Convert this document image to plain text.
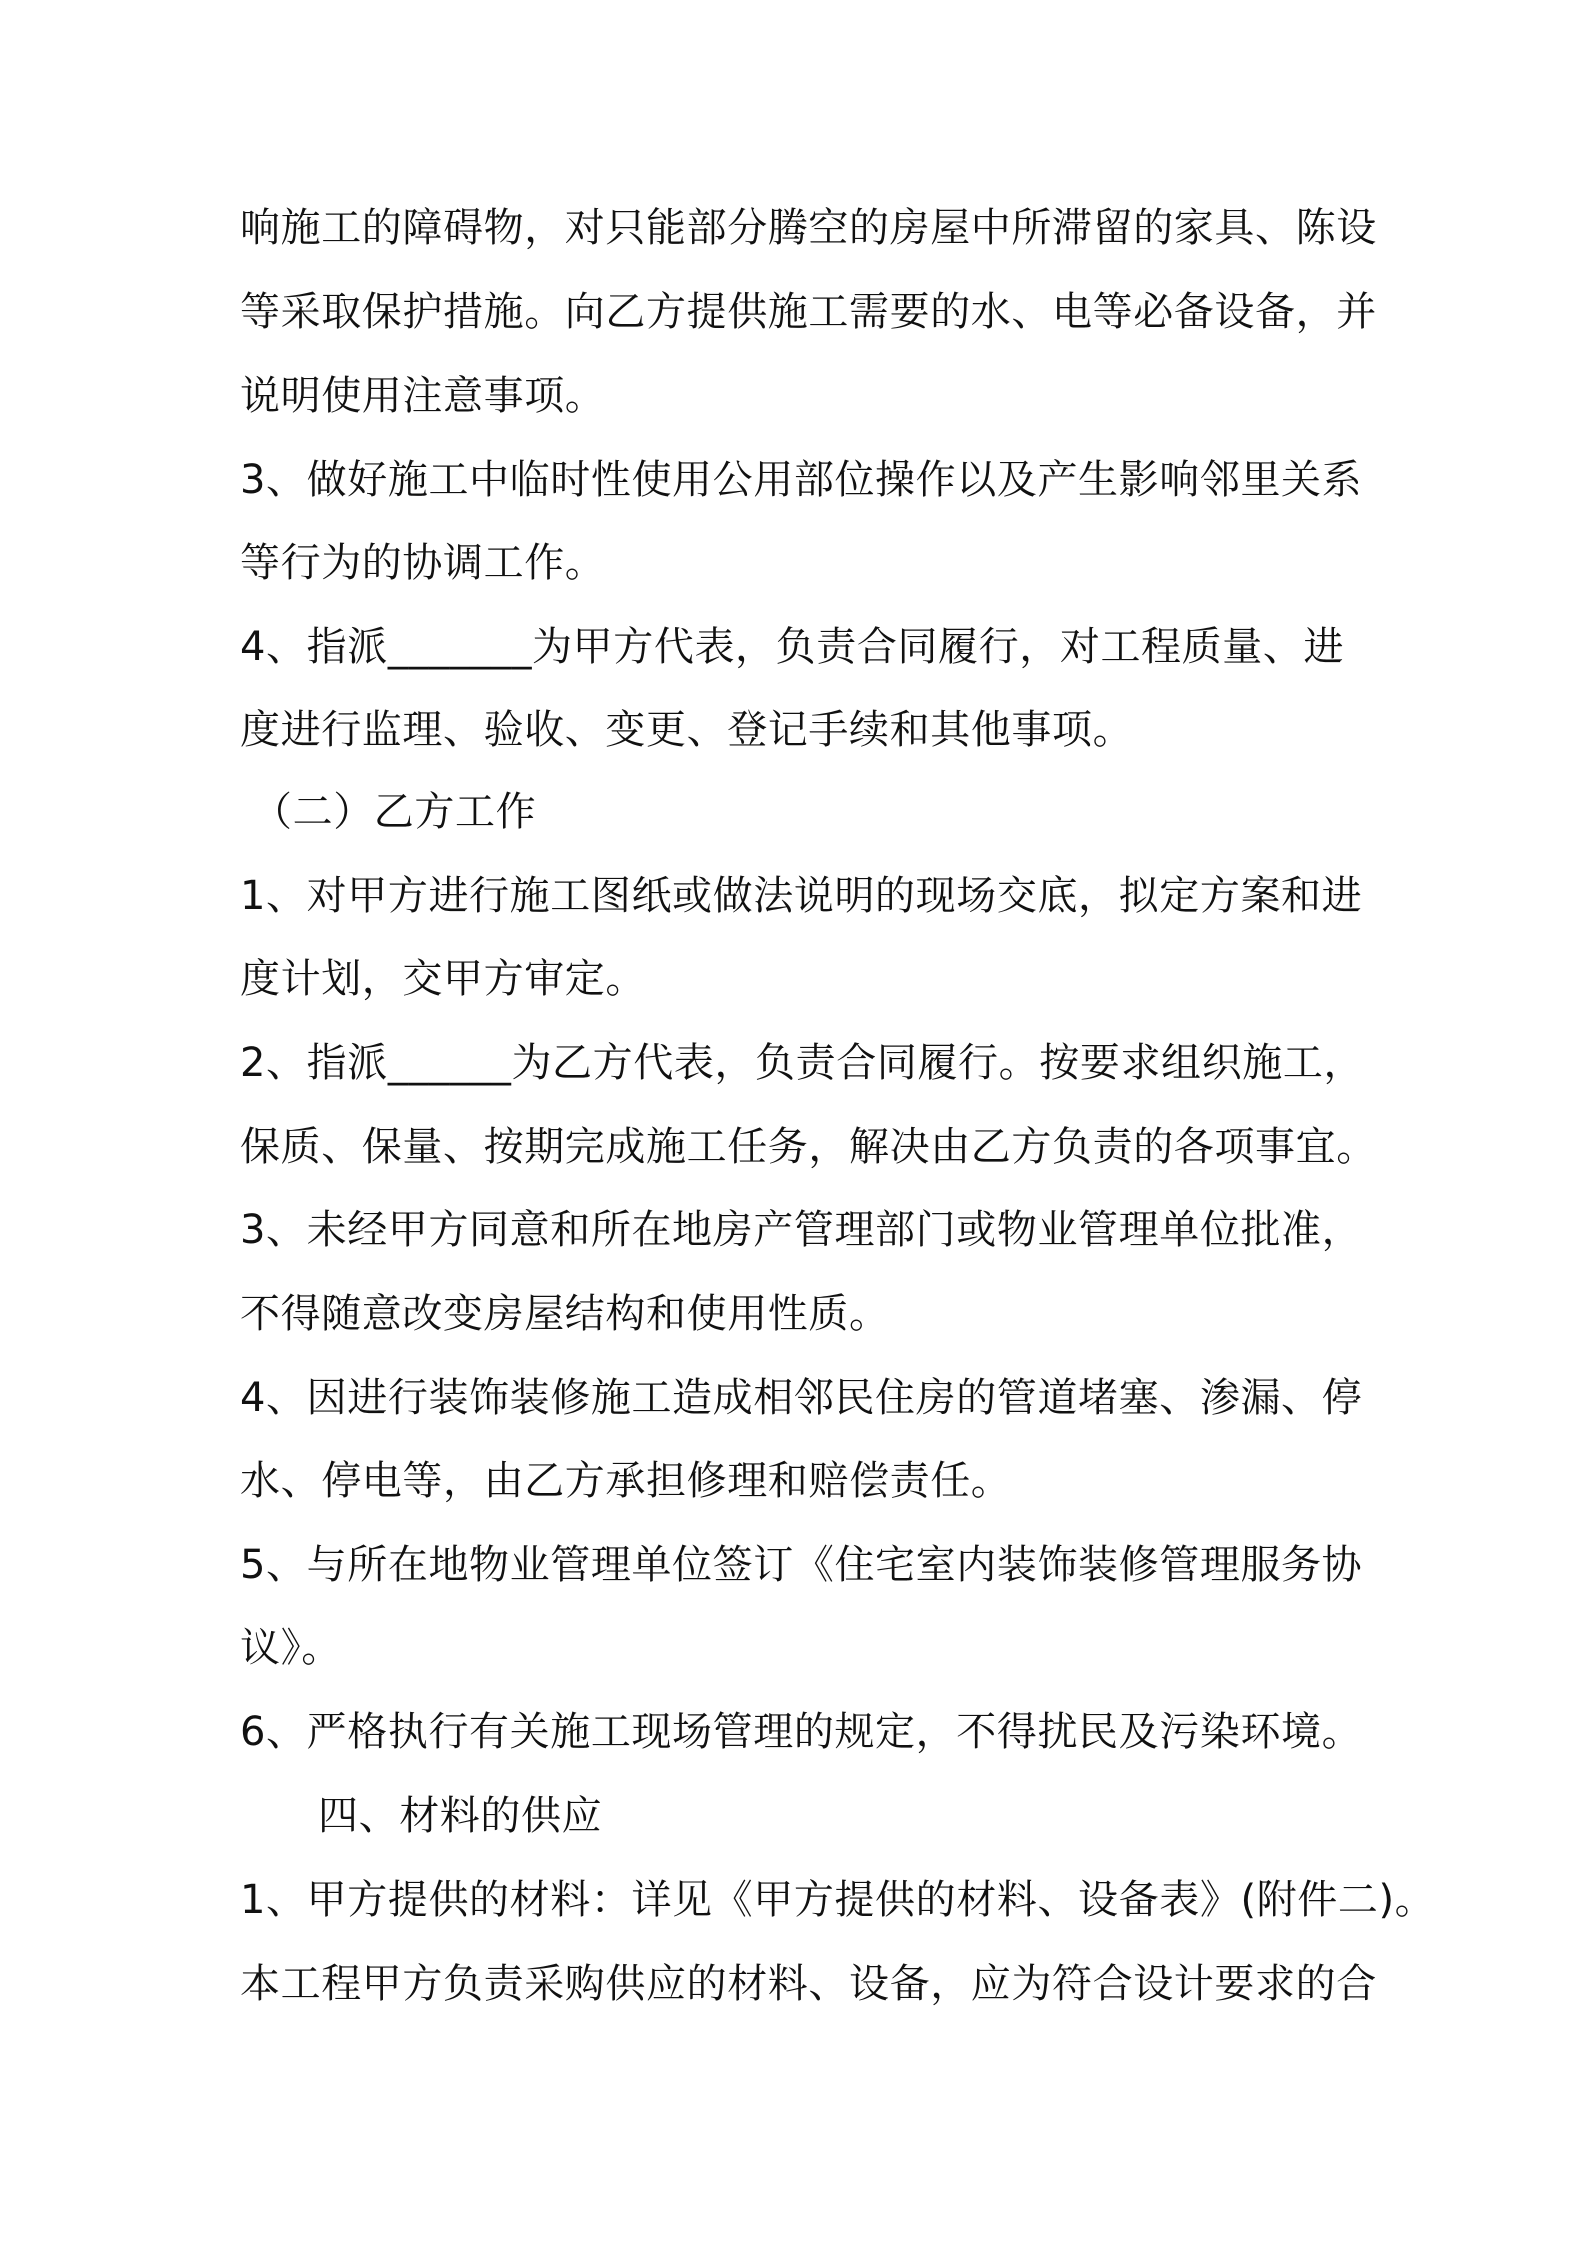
响施工的障碍物，对只能部分腾空的房屋中所滞留的家具、陈设
等采取保护措施。向乙方提供施工需要的水、电等必备设备，并
说明使用注意事项。
3、做好施工中临时性使用公用部位操作以及产生影响邻里关系
等行为的协调工作。
4、指派_______为甲方代表，负责合同履行，对工程质量、进
度进行监理、验收、变更、登记手续和其他事项。
（二）乙方工作
1、对甲方进行施工图纸或做法说明的现场交底，拟定方案和进
度计划，交甲方审定。
2、指派______为乙方代表，负责合同履行。按要求组织施工，
保质、保量、按期完成施工任务，解决由乙方负责的各项事宜。
3、未经甲方同意和所在地房产管理部门或物业管理单位批准，
不得随意改变房屋结构和使用性质。
4、因进行装饰装修施工造成相邻民住房的管道堵塞、渗漏、停
水、停电等，由乙方承担修理和赔偿责任。
5、与所在地物业管理单位签订《住宅室内装饰装修管理服务协
议》。
6、严格执行有关施工现场管理的规定，不得扰民及污染环境。
四、材料的供应
1、甲方提供的材料：详见《甲方提供的材料、设备表》(附件二)。
本工程甲方负责采购供应的材料、设备，应为符合设计要求的合
